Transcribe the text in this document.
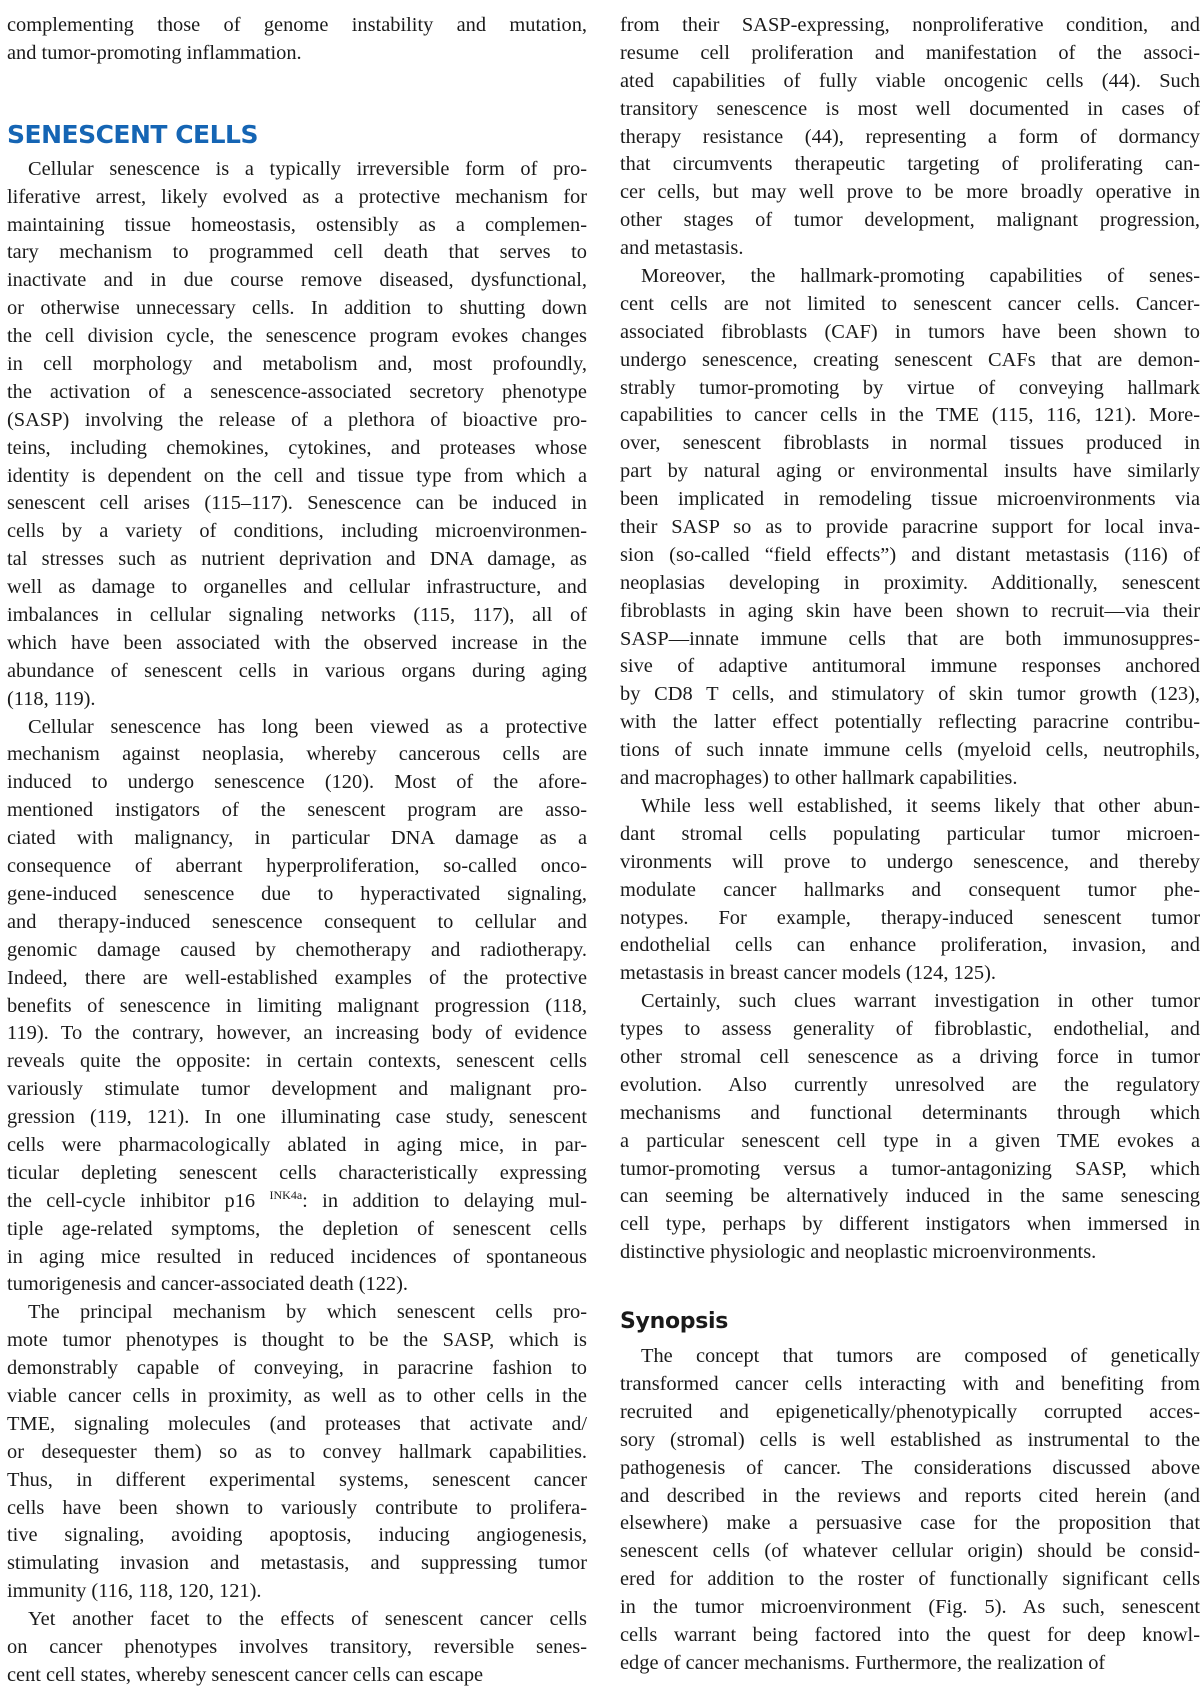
complementing those of genome instability and mutation,
and tumor-promoting inflammation.
SENESCENT CELLS
Cellular senescence is a typically irreversible form of pro-
liferative arrest, likely evolved as a protective mechanism for
maintaining tissue homeostasis, ostensibly as a complemen-
tary mechanism to programmed cell death that serves to
inactivate and in due course remove diseased, dysfunctional,
or otherwise unnecessary cells. In addition to shutting down
the cell division cycle, the senescence program evokes changes
in cell morphology and metabolism and, most profoundly,
the activation of a senescence-associated secretory phenotype
(SASP) involving the release of a plethora of bioactive pro-
teins, including chemokines, cytokines, and proteases whose
identity is dependent on the cell and tissue type from which a
senescent cell arises (115–117). Senescence can be induced in
cells by a variety of conditions, including microenvironmen-
tal stresses such as nutrient deprivation and DNA damage, as
well as damage to organelles and cellular infrastructure, and
imbalances in cellular signaling networks (115, 117), all of
which have been associated with the observed increase in the
abundance of senescent cells in various organs during aging
(118, 119).
Cellular senescence has long been viewed as a protective
mechanism against neoplasia, whereby cancerous cells are
induced to undergo senescence (120). Most of the afore-
mentioned instigators of the senescent program are asso-
ciated with malignancy, in particular DNA damage as a
consequence of aberrant hyperproliferation, so-called onco-
gene-induced senescence due to hyperactivated signaling,
and therapy-induced senescence consequent to cellular and
genomic damage caused by chemotherapy and radiotherapy.
Indeed, there are well-established examples of the protective
benefits of senescence in limiting malignant progression (118,
119). To the contrary, however, an increasing body of evidence
reveals quite the opposite: in certain contexts, senescent cells
variously stimulate tumor development and malignant pro-
gression (119, 121). In one illuminating case study, senescent
cells were pharmacologically ablated in aging mice, in par-
ticular depleting senescent cells characteristically expressing
the cell-cycle inhibitor p16 $^{INK4a}$: in addition to delaying mul-
tiple age-related symptoms, the depletion of senescent cells
in aging mice resulted in reduced incidences of spontaneous
tumorigenesis and cancer-associated death (122).
The principal mechanism by which senescent cells pro-
mote tumor phenotypes is thought to be the SASP, which is
demonstrably capable of conveying, in paracrine fashion to
viable cancer cells in proximity, as well as to other cells in the
TME, signaling molecules (and proteases that activate and/
or desequester them) so as to convey hallmark capabilities.
Thus, in different experimental systems, senescent cancer
cells have been shown to variously contribute to prolifera-
tive signaling, avoiding apoptosis, inducing angiogenesis,
stimulating invasion and metastasis, and suppressing tumor
immunity (116, 118, 120, 121).
Yet another facet to the effects of senescent cancer cells
on cancer phenotypes involves transitory, reversible senes-
cent cell states, whereby senescent cancer cells can escape
from their SASP-expressing, nonproliferative condition, and
resume cell proliferation and manifestation of the associ-
ated capabilities of fully viable oncogenic cells (44). Such
transitory senescence is most well documented in cases of
therapy resistance (44), representing a form of dormancy
that circumvents therapeutic targeting of proliferating can-
cer cells, but may well prove to be more broadly operative in
other stages of tumor development, malignant progression,
and metastasis.
Moreover, the hallmark-promoting capabilities of senes-
cent cells are not limited to senescent cancer cells. Cancer-
associated fibroblasts (CAF) in tumors have been shown to
undergo senescence, creating senescent CAFs that are demon-
strably tumor-promoting by virtue of conveying hallmark
capabilities to cancer cells in the TME (115, 116, 121). More-
over, senescent fibroblasts in normal tissues produced in
part by natural aging or environmental insults have similarly
been implicated in remodeling tissue microenvironments via
their SASP so as to provide paracrine support for local inva-
sion (so-called “field effects”) and distant metastasis (116) of
neoplasias developing in proximity. Additionally, senescent
fibroblasts in aging skin have been shown to recruit—via their
SASP—innate immune cells that are both immunosuppres-
sive of adaptive antitumoral immune responses anchored
by CD8 T cells, and stimulatory of skin tumor growth (123),
with the latter effect potentially reflecting paracrine contribu-
tions of such innate immune cells (myeloid cells, neutrophils,
and macrophages) to other hallmark capabilities.
While less well established, it seems likely that other abun-
dant stromal cells populating particular tumor microen-
vironments will prove to undergo senescence, and thereby
modulate cancer hallmarks and consequent tumor phe-
notypes. For example, therapy-induced senescent tumor
endothelial cells can enhance proliferation, invasion, and
metastasis in breast cancer models (124, 125).
Certainly, such clues warrant investigation in other tumor
types to assess generality of fibroblastic, endothelial, and
other stromal cell senescence as a driving force in tumor
evolution. Also currently unresolved are the regulatory
mechanisms and functional determinants through which
a particular senescent cell type in a given TME evokes a
tumor-promoting versus a tumor-antagonizing SASP, which
can seeming be alternatively induced in the same senescing
cell type, perhaps by different instigators when immersed in
distinctive physiologic and neoplastic microenvironments.
Synopsis
The concept that tumors are composed of genetically
transformed cancer cells interacting with and benefiting from
recruited and epigenetically/phenotypically corrupted acces-
sory (stromal) cells is well established as instrumental to the
pathogenesis of cancer. The considerations discussed above
and described in the reviews and reports cited herein (and
elsewhere) make a persuasive case for the proposition that
senescent cells (of whatever cellular origin) should be consid-
ered for addition to the roster of functionally significant cells
in the tumor microenvironment (Fig. 5). As such, senescent
cells warrant being factored into the quest for deep knowl-
edge of cancer mechanisms. Furthermore, the realization of
